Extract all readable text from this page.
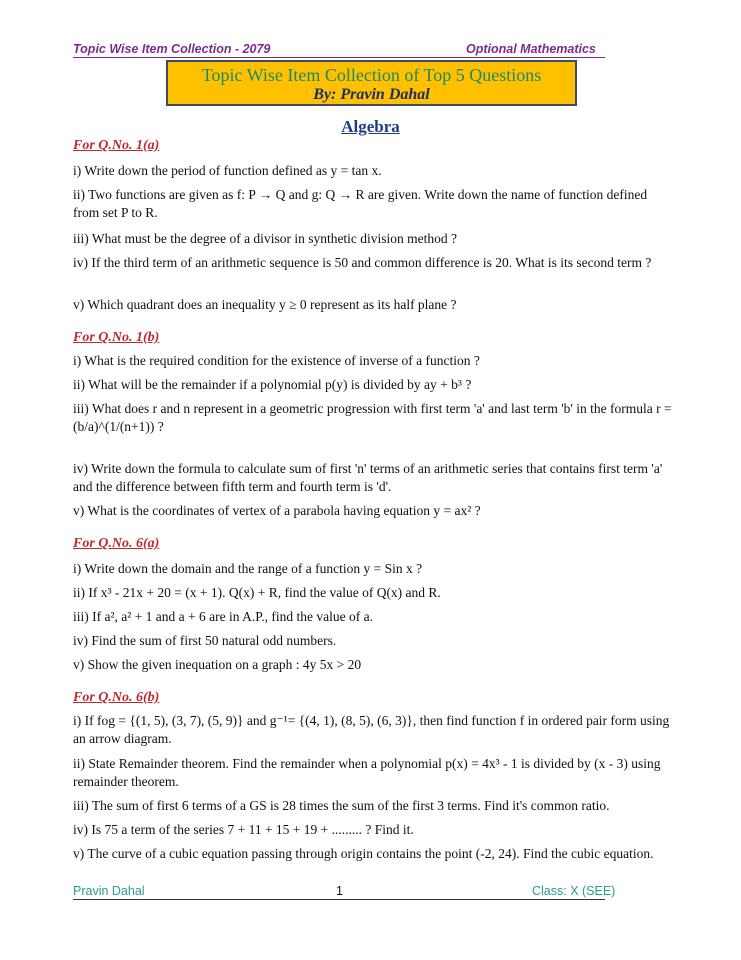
Topic Wise Item Collection - 2079	Optional Mathematics
Topic Wise Item Collection of Top 5 Questions
By: Pravin Dahal
Algebra
For Q.No. 1(a)
i) Write down the period of function defined as y = tan x.
ii) Two functions are given as f: P → Q and g: Q → R are given. Write down the name of function defined from set P to R.
iii) What must be the degree of a divisor in synthetic division method ?
iv) If the third term of an arithmetic sequence is 50 and common difference is 20. What is its second term ?
v) Which quadrant does an inequality y ≥ 0 represent as its half plane ?
For Q.No. 1(b)
i) What is the required condition for the existence of inverse of a function ?
ii) What will be the remainder if a polynomial p(y) is divided by ay + b³ ?
iii) What does r and n represent in a geometric progression with first term 'a' and last term 'b' in the formula r = (b/a)^(1/(n+1)) ?
iv) Write down the formula to calculate sum of first 'n' terms of an arithmetic series that contains first term 'a' and the difference between fifth term and fourth term is 'd'.
v) What is the coordinates of vertex of a parabola having equation y = ax² ?
For Q.No. 6(a)
i) Write down the domain and the range of a function y = Sin x ?
ii) If x³ - 21x + 20 = (x + 1). Q(x) + R, find the value of Q(x) and R.
iii) If a², a² + 1 and a + 6 are in A.P., find the value of a.
iv) Find the sum of first 50 natural odd numbers.
v) Show the given inequation on a graph : 4y 5x > 20
For Q.No. 6(b)
i) If fog = {(1, 5), (3, 7), (5, 9)} and g⁻¹= {(4, 1), (8, 5), (6, 3)}, then find function f in ordered pair form using an arrow diagram.
ii) State Remainder theorem. Find the remainder when a polynomial p(x) = 4x³ - 1 is divided by (x - 3) using remainder theorem.
iii) The sum of first 6 terms of a GS is 28 times the sum of the first 3 terms. Find it's common ratio.
iv) Is 75 a term of the series 7 + 11 + 15 + 19 + ......... ? Find it.
v) The curve of a cubic equation passing through origin contains the point (-2, 24). Find the cubic equation.
Pravin Dahal	1	Class: X (SEE)
